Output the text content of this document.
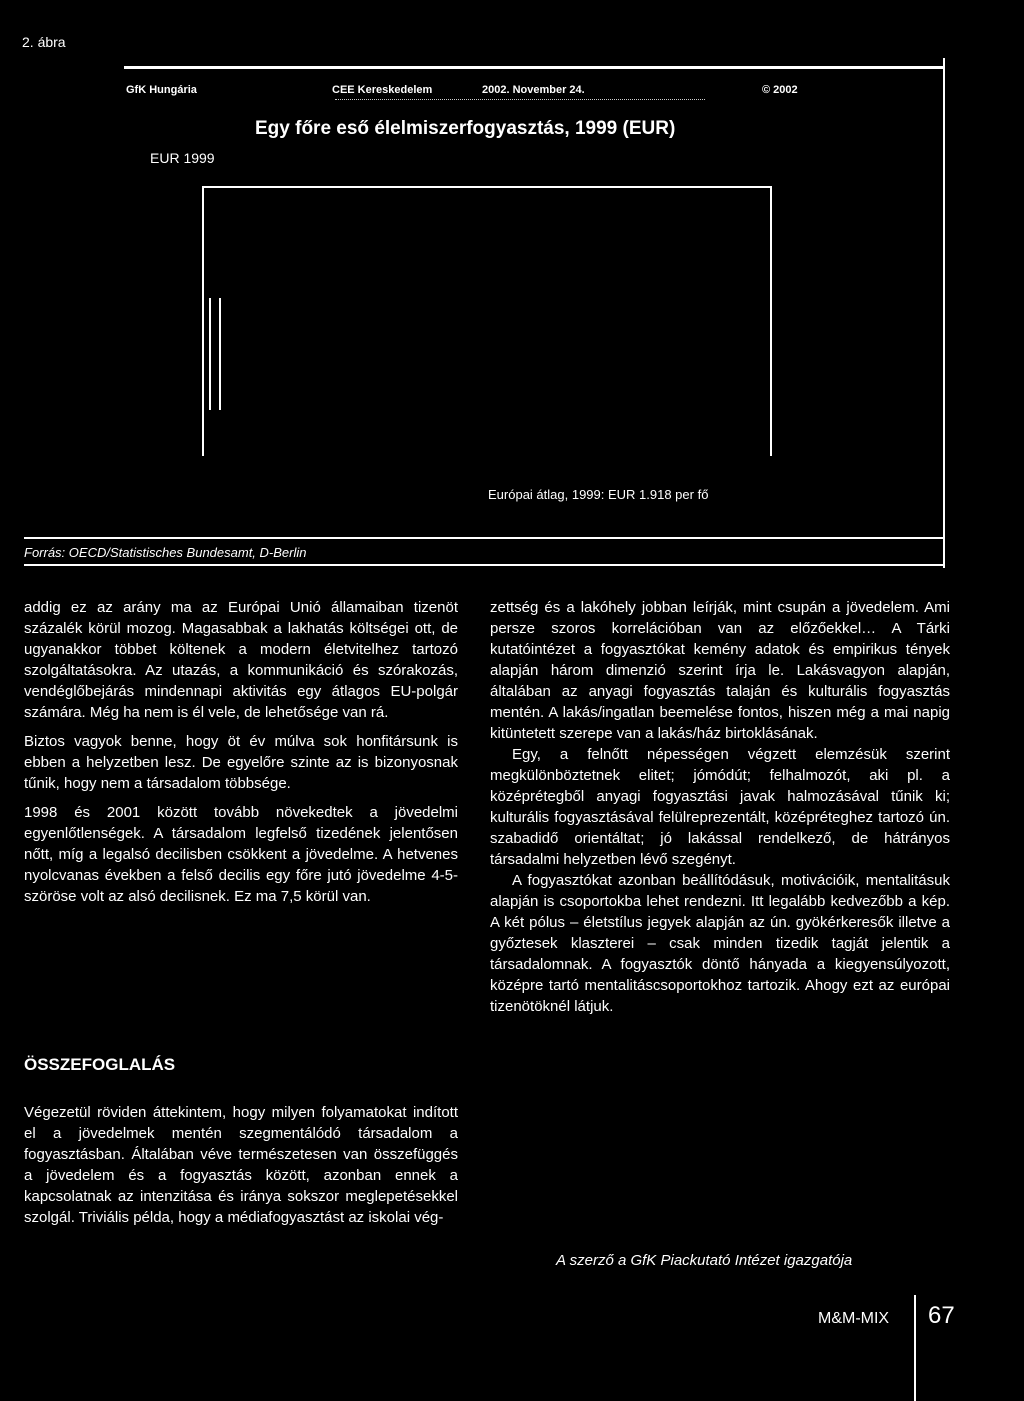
2. ábra
GfK Hungária	CEE Kereskedelem	2002. November 24.	© 2002
Egy főre eső élelmiszerfogyasztás, 1999 (EUR)
EUR 1999
Európai átlag, 1999: EUR 1.918 per fő
Forrás: OECD/Statistisches Bundesamt, D-Berlin

addig ez az arány ma az Európai Unió államaiban tizenöt százalék körül mozog. Magasabbak a lakhatás költségei ott, de ugyanakkor többet költenek a modern életvitelhez tartozó szolgáltatásokra. Az utazás, a kommunikáció és szórakozás, vendéglőbejárás mindennapi aktivitás egy átlagos EU-polgár számára. Még ha nem is él vele, de lehetősége van rá.

Biztos vagyok benne, hogy öt év múlva sok honfitársunk is ebben a helyzetben lesz. De egyelőre szinte az is bizonyosnak tűnik, hogy nem a társadalom többsége.

1998 és 2001 között tovább növekedtek a jövedelmi egyenlőtlenségek. A társadalom legfelső tizedének jelentősen nőtt, míg a legalsó decilisben csökkent a jövedelme. A hetvenes nyolcvanas években a felső decilis egy főre jutó jövedelme 4-5-szöröse volt az alsó decilisnek. Ez ma 7,5 körül van.

ÖSSZEFOGLALÁS

Végezetül röviden áttekintem, hogy milyen folyamatokat indított el a jövedelmek mentén szegmentálódó társadalom a fogyasztásban. Általában véve természetesen van összefüggés a jövedelem és a fogyasztás között, azonban ennek a kapcsolatnak az intenzitása és iránya sokszor meglepetésekkel szolgál. Triviális példa, hogy a médiafogyasztást az iskolai vég-

zettség és a lakóhely jobban leírják, mint csupán a jövedelem. Ami persze szoros korrelációban van az előzőekkel… A Tárki kutatóintézet a fogyasztókat kemény adatok és empirikus tények alapján három dimenzió szerint írja le. Lakásvagyon alapján, általában az anyagi fogyasztás talaján és kulturális fogyasztás mentén. A lakás/ingatlan beemelése fontos, hiszen még a mai napig kitüntetett szerepe van a lakás/ház birtoklásának.

Egy, a felnőtt népességen végzett elemzésük szerint megkülönböztetnek elitet; jómódút; felhalmozót, aki pl. a középrétegből anyagi fogyasztási javak halmozásával tűnik ki; kulturális fogyasztásával felülreprezentált, középréteghez tartozó ún. szabadidő orientáltat; jó lakással rendelkező, de hátrányos társadalmi helyzetben lévő szegényt.

A fogyasztókat azonban beállítódásuk, motivációik, mentalitásuk alapján is csoportokba lehet rendezni. Itt legalább kedvezőbb a kép. A két pólus – életstílus jegyek alapján az ún. gyökérkeresők illetve a győztesek klaszterei – csak minden tizedik tagját jelentik a társadalomnak. A fogyasztók döntő hányada a kiegyensúlyozott, középre tartó mentalitáscsoportokhoz tartozik. Ahogy ezt az európai tizenötöknél látjuk.

A szerző a GfK Piackutató Intézet igazgatója
M&M-MIX 67
